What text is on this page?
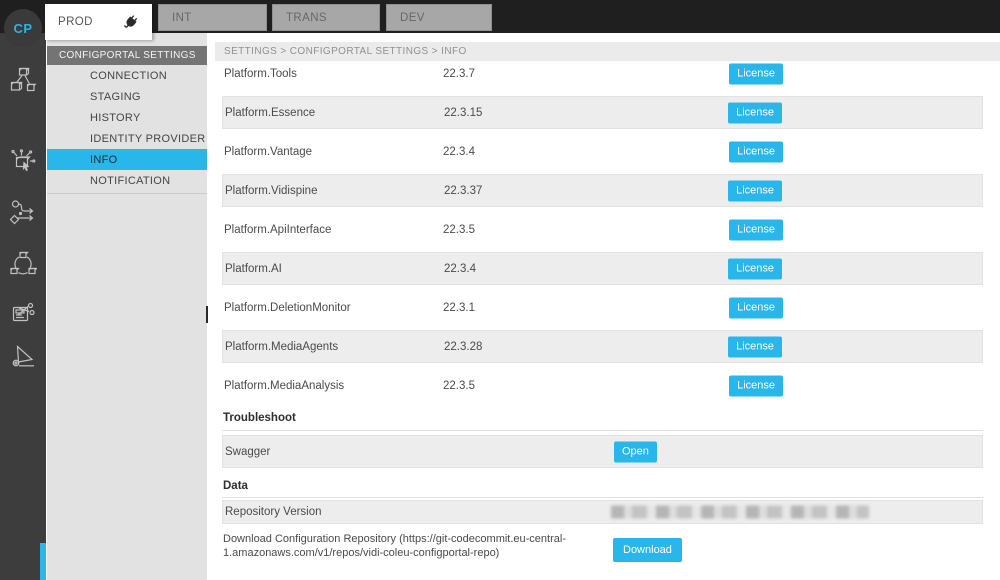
CP PROD	INT	TRANS	DEV
CONFIGPORTAL SETTINGS
CONNECTION
STAGING
HISTORY
IDENTITY PROVIDER
INFO
NOTIFICATION
SETTINGS > CONFIGPORTAL SETTINGS > INFO
Platform.Tools	22.3.7	License
Platform.Essence	22.3.15	License
Platform.Vantage	22.3.4	License
Platform.Vidispine	22.3.37	License
Platform.ApiInterface	22.3.5	License
Platform.AI	22.3.4	License
Platform.DeletionMonitor	22.3.1	License
Platform.MediaAgents	22.3.28	License
Platform.MediaAnalysis	22.3.5	License
Troubleshoot
Swagger	Open
Data
Repository Version
Download Configuration Repository (https://git-codecommit.eu-central-1.amazonaws.com/v1/repos/vidi-coleu-configportal-repo)	Download
